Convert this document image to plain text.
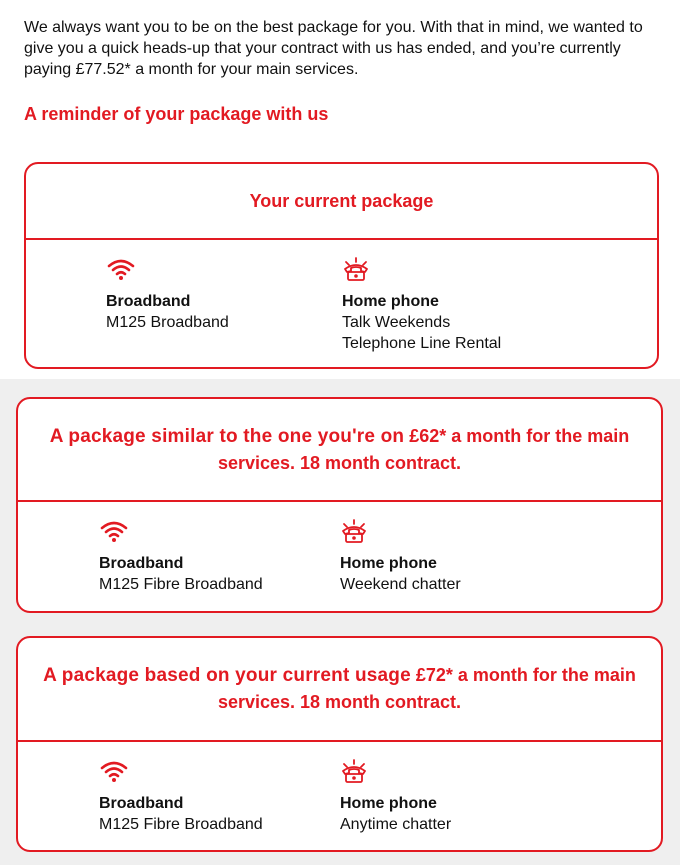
We always want you to be on the best package for you. With that in mind, we wanted to give you a quick heads-up that your contract with us has ended, and you’re currently paying £77.52* a month for your main services.

A reminder of your package with us
Your current package
Broadband
M125 Broadband
Home phone
Talk Weekends
Telephone Line Rental
A package similar to the one you're on £62* a month for the main services. 18 month contract.
Broadband
M125 Fibre Broadband
Home phone
Weekend chatter
A package based on your current usage £72* a month for the main services. 18 month contract.
Broadband
M125 Fibre Broadband
Home phone
Anytime chatter
